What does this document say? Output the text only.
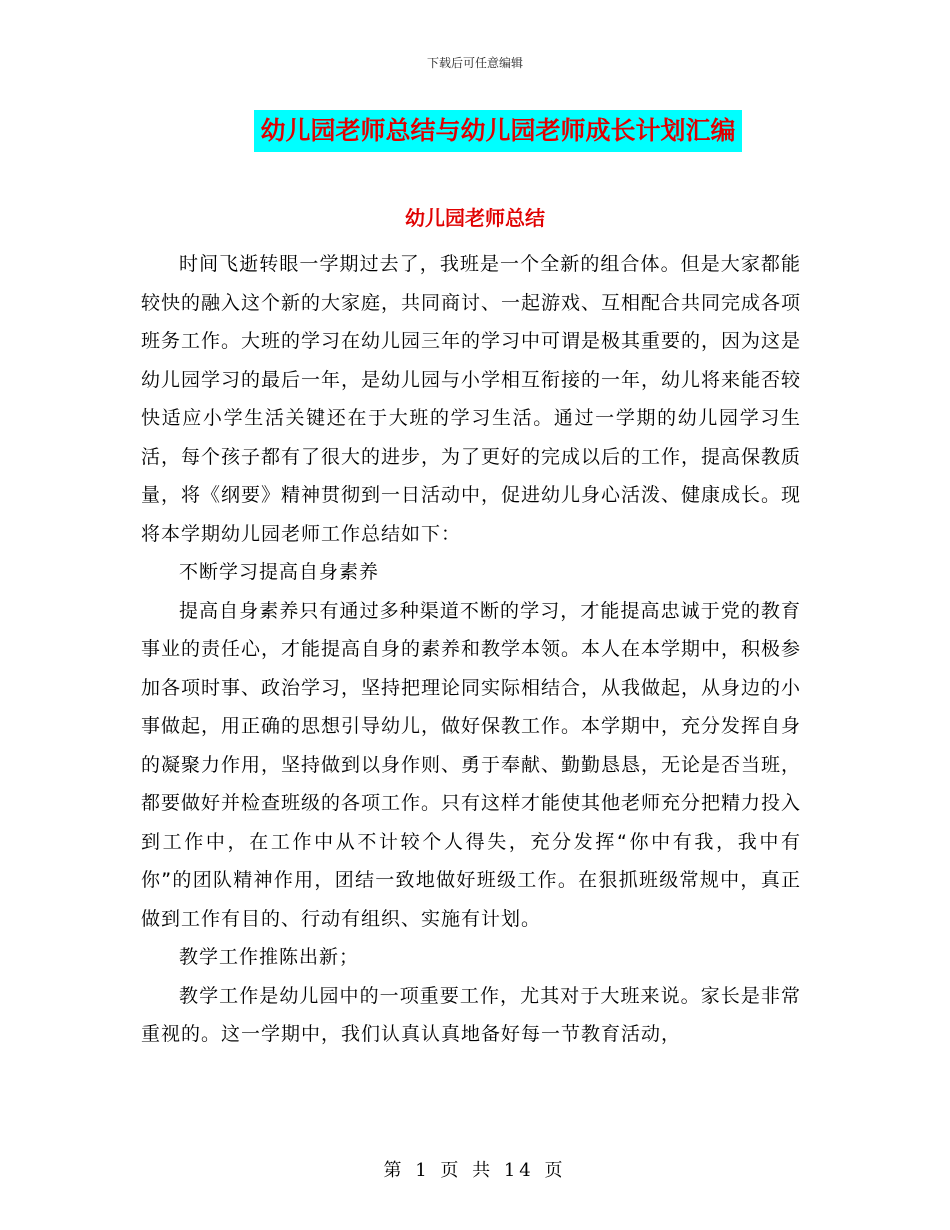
下载后可任意编辑
幼儿园老师总结与幼儿园老师成长计划汇编
幼儿园老师总结

时间飞逝转眼一学期过去了，我班是一个全新的组合体。但是大家都能较快的融入这个新的大家庭，共同商讨、一起游戏、互相配合共同完成各项班务工作。大班的学习在幼儿园三年的学习中可谓是极其重要的，因为这是幼儿园学习的最后一年，是幼儿园与小学相互衔接的一年，幼儿将来能否较快适应小学生活关键还在于大班的学习生活。通过一学期的幼儿园学习生活，每个孩子都有了很大的进步，为了更好的完成以后的工作，提高保教质量，将《纲要》精神贯彻到一日活动中，促进幼儿身心活泼、健康成长。现将本学期幼儿园老师工作总结如下：

不断学习提高自身素养

提高自身素养只有通过多种渠道不断的学习，才能提高忠诚于党的教育事业的责任心，才能提高自身的素养和教学本领。本人在本学期中，积极参加各项时事、政治学习，坚持把理论同实际相结合，从我做起，从身边的小事做起，用正确的思想引导幼儿，做好保教工作。本学期中，充分发挥自身的凝聚力作用，坚持做到以身作则、勇于奉献、勤勤恳恳，无论是否当班，都要做好并检查班级的各项工作。只有这样才能使其他老师充分把精力投入到工作中，在工作中从不计较个人得失，充分发挥“你中有我，我中有你”的团队精神作用，团结一致地做好班级工作。在狠抓班级常规中，真正做到工作有目的、行动有组织、实施有计划。

教学工作推陈出新；

教学工作是幼儿园中的一项重要工作，尤其对于大班来说。家长是非常重视的。这一学期中，我们认真认真地备好每一节教育活动，

第 1 页 共 14 页
